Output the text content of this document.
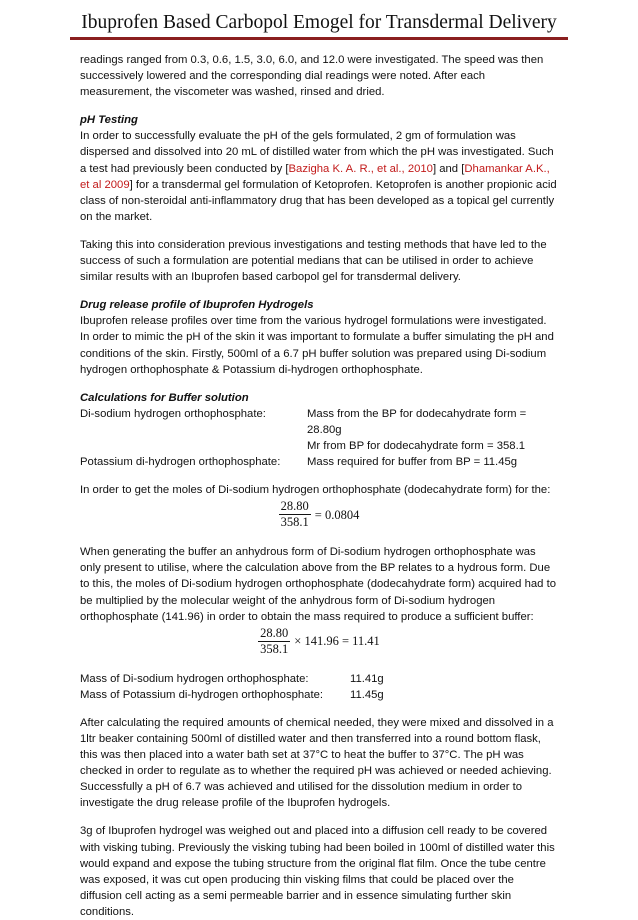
Ibuprofen Based Carbopol Emogel for Transdermal Delivery

readings ranged from 0.3, 0.6, 1.5, 3.0, 6.0, and 12.0 were investigated. The speed was then successively lowered and the corresponding dial readings were noted. After each measurement, the viscometer was washed, rinsed and dried.

pH Testing

In order to successfully evaluate the pH of the gels formulated, 2 gm of formulation was dispersed and dissolved into 20 mL of distilled water from which the pH was investigated. Such a test had previously been conducted by [Bazigha K. A. R., et al., 2010] and [Dhamankar A.K., et al 2009] for a transdermal gel formulation of Ketoprofen. Ketoprofen is another propionic acid class of non-steroidal anti-inflammatory drug that has been developed as a topical gel currently on the market.

Taking this into consideration previous investigations and testing methods that have led to the success of such a formulation are potential medians that can be utilised in order to achieve similar results with an Ibuprofen based carbopol gel for transdermal delivery.

Drug release profile of Ibuprofen Hydrogels

Ibuprofen release profiles over time from the various hydrogel formulations were investigated. In order to mimic the pH of the skin it was important to formulate a buffer simulating the pH and conditions of the skin. Firstly, 500ml of a 6.7 pH buffer solution was prepared using Di-sodium hydrogen orthophosphate & Potassium di-hydrogen orthophosphate.

Calculations for Buffer solution

Di-sodium hydrogen orthophosphate:	Mass from the BP for dodecahydrate form = 28.80g
Mr from BP for dodecahydrate form = 358.1
Potassium di-hydrogen orthophosphate:	Mass required for buffer from BP = 11.45g

In order to get the moles of Di-sodium hydrogen orthophosphate (dodecahydrate form) for the:

$\frac{28.80}{358.1} = 0.0804$

When generating the buffer an anhydrous form of Di-sodium hydrogen orthophosphate was only present to utilise, where the calculation above from the BP relates to a hydrous form. Due to this, the moles of Di-sodium hydrogen orthophosphate (dodecahydrate form) acquired had to be multiplied by the molecular weight of the anhydrous form of Di-sodium hydrogen orthophosphate (141.96) in order to obtain the mass required to produce a sufficient buffer:

$\frac{28.80}{358.1} \times 141.96 = 11.41$
Mass of Di-sodium hydrogen orthophosphate:	11.41g
Mass of Potassium di-hydrogen orthophosphate:	11.45g

After calculating the required amounts of chemical needed, they were mixed and dissolved in a 1ltr beaker containing 500ml of distilled water and then transferred into a round bottom flask, this was then placed into a water bath set at 37°C to heat the buffer to 37°C. The pH was checked in order to regulate as to whether the required pH was achieved or needed achieving. Successfully a pH of 6.7 was achieved and utilised for the dissolution medium in order to investigate the drug release profile of the Ibuprofen hydrogels.

3g of Ibuprofen hydrogel was weighed out and placed into a diffusion cell ready to be covered with visking tubing. Previously the visking tubing had been boiled in 100ml of distilled water this would expand and expose the tubing structure from the original flat film. Once the tube centre was exposed, it was cut open producing thin visking films that could be placed over the diffusion cell acting as a semi permeable barrier and in essence simulating further skin conditions.
